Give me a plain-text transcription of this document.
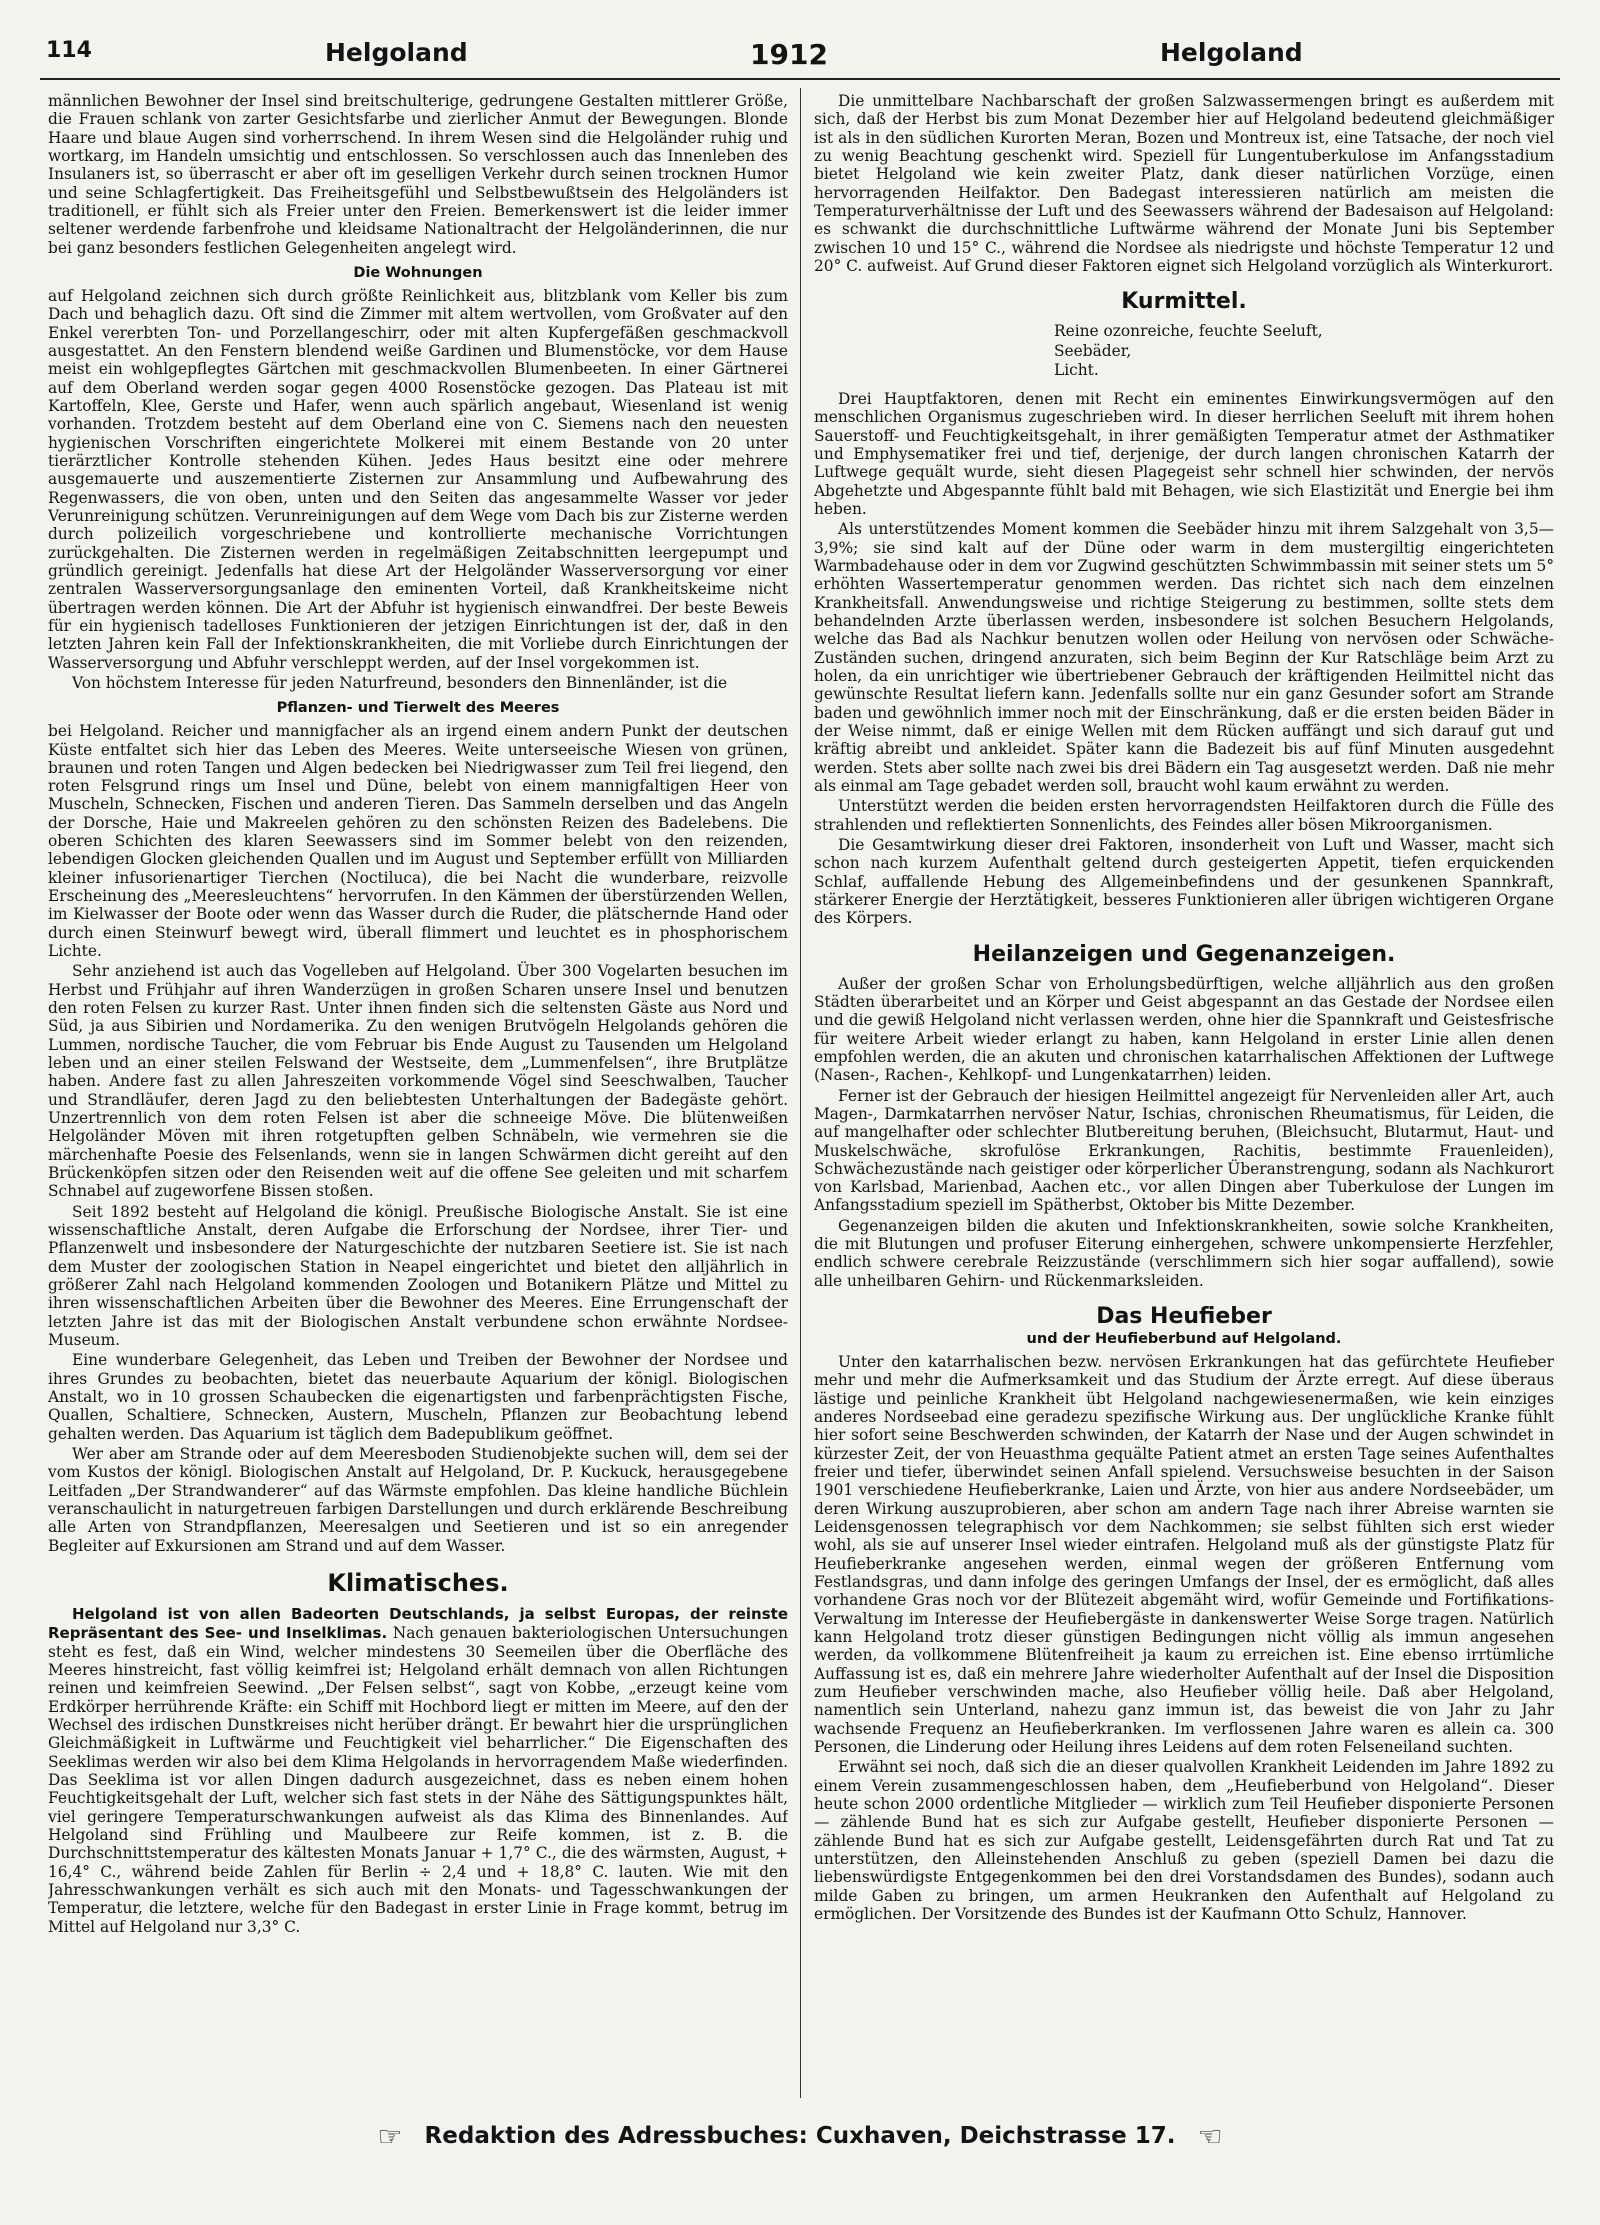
114	Helgoland	1912	Helgoland

männlichen Bewohner der Insel sind breitschulterige, gedrungene Gestalten mittlerer Größe, die Frauen schlank von zarter Gesichtsfarbe und zierlicher Anmut der Bewegungen. Blonde Haare und blaue Augen sind vorherrschend. In ihrem Wesen sind die Helgoländer ruhig und wortkarg, im Handeln umsichtig und entschlossen. So verschlossen auch das Innenleben des Insulaners ist, so überrascht er aber oft im geselligen Verkehr durch seinen trocknen Humor und seine Schlagfertigkeit. Das Freiheitsgefühl und Selbstbewußtsein des Helgoländers ist traditionell, er fühlt sich als Freier unter den Freien. Bemerkenswert ist die leider immer seltener werdende farbenfrohe und kleidsame Nationaltracht der Helgoländerinnen, die nur bei ganz besonders festlichen Gelegenheiten angelegt wird.

Die Wohnungen

auf Helgoland zeichnen sich durch größte Reinlichkeit aus, blitzblank vom Keller bis zum Dach und behaglich dazu. Oft sind die Zimmer mit altem wertvollen, vom Großvater auf den Enkel vererbten Ton- und Porzellangeschirr, oder mit alten Kupfergefäßen geschmackvoll ausgestattet. An den Fenstern blendend weiße Gardinen und Blumenstöcke, vor dem Hause meist ein wohlgepflegtes Gärtchen mit geschmackvollen Blumenbeeten. In einer Gärtnerei auf dem Oberland werden sogar gegen 4000 Rosenstöcke gezogen. Das Plateau ist mit Kartoffeln, Klee, Gerste und Hafer, wenn auch spärlich angebaut, Wiesenland ist wenig vorhanden. Trotzdem besteht auf dem Oberland eine von C. Siemens nach den neuesten hygienischen Vorschriften eingerichtete Molkerei mit einem Bestande von 20 unter tierärztlicher Kontrolle stehenden Kühen. Jedes Haus besitzt eine oder mehrere ausgemauerte und auszementierte Zisternen zur Ansammlung und Aufbewahrung des Regenwassers, die von oben, unten und den Seiten das angesammelte Wasser vor jeder Verunreinigung schützen. Verunreinigungen auf dem Wege vom Dach bis zur Zisterne werden durch polizeilich vorgeschriebene und kontrollierte mechanische Vorrichtungen zurückgehalten. Die Zisternen werden in regelmäßigen Zeitabschnitten leergepumpt und gründlich gereinigt. Jedenfalls hat diese Art der Helgoländer Wasserversorgung vor einer zentralen Wasserversorgungsanlage den eminenten Vorteil, daß Krankheitskeime nicht übertragen werden können. Die Art der Abfuhr ist hygienisch einwandfrei. Der beste Beweis für ein hygienisch tadelloses Funktionieren der jetzigen Einrichtungen ist der, daß in den letzten Jahren kein Fall der Infektionskrankheiten, die mit Vorliebe durch Einrichtungen der Wasserversorgung und Abfuhr verschleppt werden, auf der Insel vorgekommen ist.

Von höchstem Interesse für jeden Naturfreund, besonders den Binnenländer, ist die

Pflanzen- und Tierwelt des Meeres

bei Helgoland. Reicher und mannigfacher als an irgend einem andern Punkt der deutschen Küste entfaltet sich hier das Leben des Meeres. Weite unterseeische Wiesen von grünen, braunen und roten Tangen und Algen bedecken bei Niedrigwasser zum Teil frei liegend, den roten Felsgrund rings um Insel und Düne, belebt von einem mannigfaltigen Heer von Muscheln, Schnecken, Fischen und anderen Tieren. Das Sammeln derselben und das Angeln der Dorsche, Haie und Makreelen gehören zu den schönsten Reizen des Badelebens. Die oberen Schichten des klaren Seewassers sind im Sommer belebt von den reizenden, lebendigen Glocken gleichenden Quallen und im August und September erfüllt von Milliarden kleiner infusorienartiger Tierchen (Noctiluca), die bei Nacht die wunderbare, reizvolle Erscheinung des „Meeresleuchtens“ hervorrufen. In den Kämmen der überstürzenden Wellen, im Kielwasser der Boote oder wenn das Wasser durch die Ruder, die plätschernde Hand oder durch einen Steinwurf bewegt wird, überall flimmert und leuchtet es in phosphorischem Lichte.

Sehr anziehend ist auch das Vogelleben auf Helgoland. Über 300 Vogelarten besuchen im Herbst und Frühjahr auf ihren Wanderzügen in großen Scharen unsere Insel und benutzen den roten Felsen zu kurzer Rast. Unter ihnen finden sich die seltensten Gäste aus Nord und Süd, ja aus Sibirien und Nordamerika. Zu den wenigen Brutvögeln Helgolands gehören die Lummen, nordische Taucher, die vom Februar bis Ende August zu Tausenden um Helgoland leben und an einer steilen Felswand der Westseite, dem „Lummenfelsen“, ihre Brutplätze haben. Andere fast zu allen Jahreszeiten vorkommende Vögel sind Seeschwalben, Taucher und Strandläufer, deren Jagd zu den beliebtesten Unterhaltungen der Badegäste gehört. Unzertrennlich von dem roten Felsen ist aber die schneeige Möve. Die blütenweißen Helgoländer Möven mit ihren rotgetupften gelben Schnäbeln, wie vermehren sie die märchenhafte Poesie des Felsenlands, wenn sie in langen Schwärmen dicht gereiht auf den Brückenköpfen sitzen oder den Reisenden weit auf die offene See geleiten und mit scharfem Schnabel auf zugeworfene Bissen stoßen.

Seit 1892 besteht auf Helgoland die königl. Preußische Biologische Anstalt. Sie ist eine wissenschaftliche Anstalt, deren Aufgabe die Erforschung der Nordsee, ihrer Tier- und Pflanzenwelt und insbesondere der Naturgeschichte der nutzbaren Seetiere ist. Sie ist nach dem Muster der zoologischen Station in Neapel eingerichtet und bietet den alljährlich in größerer Zahl nach Helgoland kommenden Zoologen und Botanikern Plätze und Mittel zu ihren wissenschaftlichen Arbeiten über die Bewohner des Meeres. Eine Errungenschaft der letzten Jahre ist das mit der Biologischen Anstalt verbundene schon erwähnte Nordsee-Museum.

Eine wunderbare Gelegenheit, das Leben und Treiben der Bewohner der Nordsee und ihres Grundes zu beobachten, bietet das neuerbaute Aquarium der königl. Biologischen Anstalt, wo in 10 grossen Schaubecken die eigenartigsten und farbenprächtigsten Fische, Quallen, Schaltiere, Schnecken, Austern, Muscheln, Pflanzen zur Beobachtung lebend gehalten werden. Das Aquarium ist täglich dem Badepublikum geöffnet.

Wer aber am Strande oder auf dem Meeresboden Studienobjekte suchen will, dem sei der vom Kustos der königl. Biologischen Anstalt auf Helgoland, Dr. P. Kuckuck, herausgegebene Leitfaden „Der Strandwanderer“ auf das Wärmste empfohlen. Das kleine handliche Büchlein veranschaulicht in naturgetreuen farbigen Darstellungen und durch erklärende Beschreibung alle Arten von Strandpflanzen, Meeresalgen und Seetieren und ist so ein anregender Begleiter auf Exkursionen am Strand und auf dem Wasser.

Klimatisches.

Helgoland ist von allen Badeorten Deutschlands, ja selbst Europas, der reinste Repräsentant des See- und Inselklimas. Nach genauen bakteriologischen Untersuchungen steht es fest, daß ein Wind, welcher mindestens 30 Seemeilen über die Oberfläche des Meeres hinstreicht, fast völlig keimfrei ist; Helgoland erhält demnach von allen Richtungen reinen und keimfreien Seewind. „Der Felsen selbst“, sagt von Kobbe, „erzeugt keine vom Erdkörper herrührende Kräfte: ein Schiff mit Hochbord liegt er mitten im Meere, auf den der Wechsel des irdischen Dunstkreises nicht herüber drängt. Er bewahrt hier die ursprünglichen Gleichmäßigkeit in Luftwärme und Feuchtigkeit viel beharrlicher.“ Die Eigenschaften des Seeklimas werden wir also bei dem Klima Helgolands in hervorragendem Maße wiederfinden. Das Seeklima ist vor allen Dingen dadurch ausgezeichnet, dass es neben einem hohen Feuchtigkeitsgehalt der Luft, welcher sich fast stets in der Nähe des Sättigungspunktes hält, viel geringere Temperaturschwankungen aufweist als das Klima des Binnenlandes. Auf Helgoland sind Frühling und Maulbeere zur Reife kommen, ist z. B. die Durchschnittstemperatur des kältesten Monats Januar + 1,7° C., die des wärmsten, August, + 16,4° C., während beide Zahlen für Berlin ÷ 2,4 und + 18,8° C. lauten. Wie mit den Jahresschwankungen verhält es sich auch mit den Monats- und Tagesschwankungen der Temperatur, die letztere, welche für den Badegast in erster Linie in Frage kommt, betrug im Mittel auf Helgoland nur 3,3° C.

Die unmittelbare Nachbarschaft der großen Salzwassermengen bringt es außerdem mit sich, daß der Herbst bis zum Monat Dezember hier auf Helgoland bedeutend gleichmäßiger ist als in den südlichen Kurorten Meran, Bozen und Montreux ist, eine Tatsache, der noch viel zu wenig Beachtung geschenkt wird. Speziell für Lungentuberkulose im Anfangsstadium bietet Helgoland wie kein zweiter Platz, dank dieser natürlichen Vorzüge, einen hervorragenden Heilfaktor. Den Badegast interessieren natürlich am meisten die Temperaturverhältnisse der Luft und des Seewassers während der Badesaison auf Helgoland: es schwankt die durchschnittliche Luftwärme während der Monate Juni bis September zwischen 10 und 15° C., während die Nordsee als niedrigste und höchste Temperatur 12 und 20° C. aufweist. Auf Grund dieser Faktoren eignet sich Helgoland vorzüglich als Winterkurort.

Kurmittel.
Reine ozonreiche, feuchte Seeluft,
Seebäder,
Licht.

Drei Hauptfaktoren, denen mit Recht ein eminentes Einwirkungsvermögen auf den menschlichen Organismus zugeschrieben wird. In dieser herrlichen Seeluft mit ihrem hohen Sauerstoff- und Feuchtigkeitsgehalt, in ihrer gemäßigten Temperatur atmet der Asthmatiker und Emphysematiker frei und tief, derjenige, der durch langen chronischen Katarrh der Luftwege gequält wurde, sieht diesen Plagegeist sehr schnell hier schwinden, der nervös Abgehetzte und Abgespannte fühlt bald mit Behagen, wie sich Elastizität und Energie bei ihm heben.

Als unterstützendes Moment kommen die Seebäder hinzu mit ihrem Salzgehalt von 3,5—3,9%; sie sind kalt auf der Düne oder warm in dem mustergiltig eingerichteten Warmbadehause oder in dem vor Zugwind geschützten Schwimmbassin mit seiner stets um 5° erhöhten Wassertemperatur genommen werden. Das richtet sich nach dem einzelnen Krankheitsfall. Anwendungsweise und richtige Steigerung zu bestimmen, sollte stets dem behandelnden Arzte überlassen werden, insbesondere ist solchen Besuchern Helgolands, welche das Bad als Nachkur benutzen wollen oder Heilung von nervösen oder Schwäche-Zuständen suchen, dringend anzuraten, sich beim Beginn der Kur Ratschläge beim Arzt zu holen, da ein unrichtiger wie übertriebener Gebrauch der kräftigenden Heilmittel nicht das gewünschte Resultat liefern kann. Jedenfalls sollte nur ein ganz Gesunder sofort am Strande baden und gewöhnlich immer noch mit der Einschränkung, daß er die ersten beiden Bäder in der Weise nimmt, daß er einige Wellen mit dem Rücken auffängt und sich darauf gut und kräftig abreibt und ankleidet. Später kann die Badezeit bis auf fünf Minuten ausgedehnt werden. Stets aber sollte nach zwei bis drei Bädern ein Tag ausgesetzt werden. Daß nie mehr als einmal am Tage gebadet werden soll, braucht wohl kaum erwähnt zu werden.

Unterstützt werden die beiden ersten hervorragendsten Heilfaktoren durch die Fülle des strahlenden und reflektierten Sonnenlichts, des Feindes aller bösen Mikroorganismen.

Die Gesamtwirkung dieser drei Faktoren, insonderheit von Luft und Wasser, macht sich schon nach kurzem Aufenthalt geltend durch gesteigerten Appetit, tiefen erquickenden Schlaf, auffallende Hebung des Allgemeinbefindens und der gesunkenen Spannkraft, stärkerer Energie der Herztätigkeit, besseres Funktionieren aller übrigen wichtigeren Organe des Körpers.

Heilanzeigen und Gegenanzeigen.

Außer der großen Schar von Erholungsbedürftigen, welche alljährlich aus den großen Städten überarbeitet und an Körper und Geist abgespannt an das Gestade der Nordsee eilen und die gewiß Helgoland nicht verlassen werden, ohne hier die Spannkraft und Geistesfrische für weitere Arbeit wieder erlangt zu haben, kann Helgoland in erster Linie allen denen empfohlen werden, die an akuten und chronischen katarrhalischen Affektionen der Luftwege (Nasen-, Rachen-, Kehlkopf- und Lungenkatarrhen) leiden.

Ferner ist der Gebrauch der hiesigen Heilmittel angezeigt für Nervenleiden aller Art, auch Magen-, Darmkatarrhen nervöser Natur, Ischias, chronischen Rheumatismus, für Leiden, die auf mangelhafter oder schlechter Blutbereitung beruhen, (Bleichsucht, Blutarmut, Haut- und Muskelschwäche, skrofulöse Erkrankungen, Rachitis, bestimmte Frauenleiden), Schwächezustände nach geistiger oder körperlicher Überanstrengung, sodann als Nachkurort von Karlsbad, Marienbad, Aachen etc., vor allen Dingen aber Tuberkulose der Lungen im Anfangsstadium speziell im Spätherbst, Oktober bis Mitte Dezember.

Gegenanzeigen bilden die akuten und Infektionskrankheiten, sowie solche Krankheiten, die mit Blutungen und profuser Eiterung einhergehen, schwere unkompensierte Herzfehler, endlich schwere cerebrale Reizzustände (verschlimmern sich hier sogar auffallend), sowie alle unheilbaren Gehirn- und Rückenmarksleiden.

Das Heufieber
und der Heufieberbund auf Helgoland.

Unter den katarrhalischen bezw. nervösen Erkrankungen hat das gefürchtete Heufieber mehr und mehr die Aufmerksamkeit und das Studium der Ärzte erregt. Auf diese überaus lästige und peinliche Krankheit übt Helgoland nachgewiesenermaßen, wie kein einziges anderes Nordseebad eine geradezu spezifische Wirkung aus. Der unglückliche Kranke fühlt hier sofort seine Beschwerden schwinden, der Katarrh der Nase und der Augen schwindet in kürzester Zeit, der von Heuasthma gequälte Patient atmet an ersten Tage seines Aufenthaltes freier und tiefer, überwindet seinen Anfall spielend. Versuchsweise besuchten in der Saison 1901 verschiedene Heufieberkranke, Laien und Ärzte, von hier aus andere Nordseebäder, um deren Wirkung auszuprobieren, aber schon am andern Tage nach ihrer Abreise warnten sie Leidensgenossen telegraphisch vor dem Nachkommen; sie selbst fühlten sich erst wieder wohl, als sie auf unserer Insel wieder eintrafen. Helgoland muß als der günstigste Platz für Heufieberkranke angesehen werden, einmal wegen der größeren Entfernung vom Festlandsgras, und dann infolge des geringen Umfangs der Insel, der es ermöglicht, daß alles vorhandene Gras noch vor der Blütezeit abgemäht wird, wofür Gemeinde und Fortifikations-Verwaltung im Interesse der Heufiebergäste in dankenswerter Weise Sorge tragen. Natürlich kann Helgoland trotz dieser günstigen Bedingungen nicht völlig als immun angesehen werden, da vollkommene Blütenfreiheit ja kaum zu erreichen ist. Eine ebenso irrtümliche Auffassung ist es, daß ein mehrere Jahre wiederholter Aufenthalt auf der Insel die Disposition zum Heufieber verschwinden mache, also Heufieber völlig heile. Daß aber Helgoland, namentlich sein Unterland, nahezu ganz immun ist, das beweist die von Jahr zu Jahr wachsende Frequenz an Heufieberkranken. Im verflossenen Jahre waren es allein ca. 300 Personen, die Linderung oder Heilung ihres Leidens auf dem roten Felseneiland suchten.

Erwähnt sei noch, daß sich die an dieser qualvollen Krankheit Leidenden im Jahre 1892 zu einem Verein zusammengeschlossen haben, dem „Heufieberbund von Helgoland“. Dieser heute schon 2000 ordentliche Mitglieder — wirklich zum Teil Heufieber disponierte Personen — zählende Bund hat es sich zur Aufgabe gestellt, Heufieber disponierte Personen — zählende Bund hat es sich zur Aufgabe gestellt, Leidensgefährten durch Rat und Tat zu unterstützen, den Alleinstehenden Anschluß zu geben (speziell Damen bei dazu die liebenswürdigste Entgegenkommen bei den drei Vorstandsdamen des Bundes), sodann auch milde Gaben zu bringen, um armen Heukranken den Aufenthalt auf Helgoland zu ermöglichen. Der Vorsitzende des Bundes ist der Kaufmann Otto Schulz, Hannover.

☞ Redaktion des Adressbuches: Cuxhaven, Deichstrasse 17. ☜
